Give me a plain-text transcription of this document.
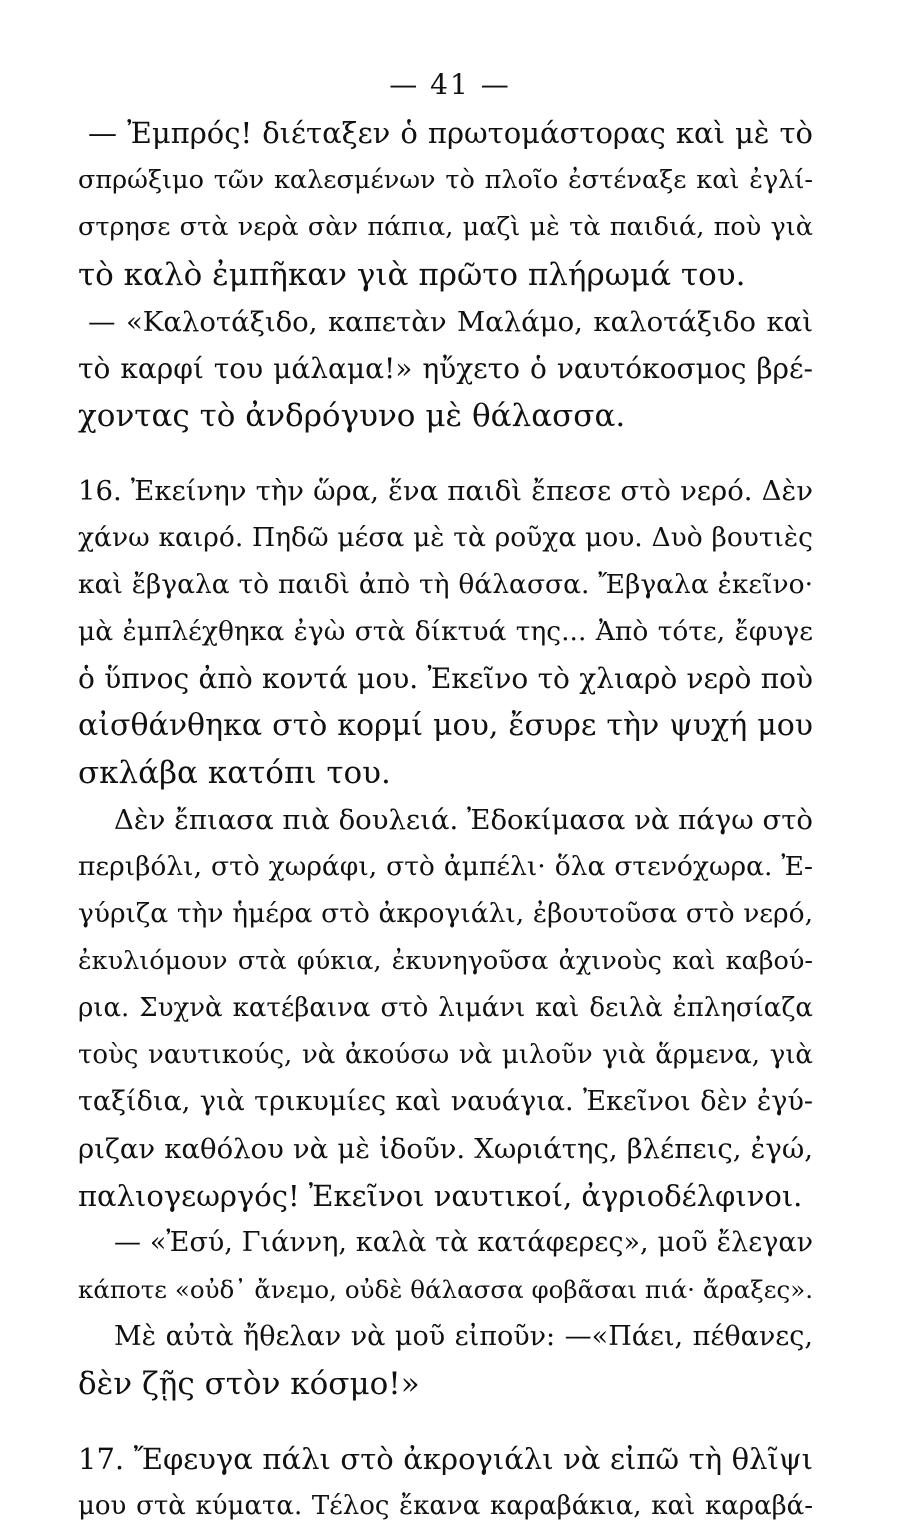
— 41 —
— Ἐμπρός! διέταξεν ὁ πρωτομάστορας καὶ μὲ τὸ
σπρώξιμο τῶν καλεσμένων τὸ πλοῖο ἐστέναξε καὶ ἐγλί-
στρησε στὰ νερὰ σὰν πάπια, μαζὶ μὲ τὰ παιδιά, ποὺ γιὰ
τὸ καλὸ ἐμπῆκαν γιὰ πρῶτο πλήρωμά του.
— «Καλοτάξιδο, καπετὰν Μαλάμο, καλοτάξιδο καὶ
τὸ καρφί του μάλαμα!» ηὔχετο ὁ ναυτόκοσμος βρέ-
χοντας τὸ ἀνδρόγυνο μὲ θάλασσα.
16. Ἐκείνην τὴν ὥρα, ἕνα παιδὶ ἔπεσε στὸ νερό. Δὲν
χάνω καιρό. Πηδῶ μέσα μὲ τὰ ροῦχα μου. Δυὸ βουτιὲς
καὶ ἔβγαλα τὸ παιδὶ ἀπὸ τὴ θάλασσα. Ἔβγαλα ἐκεῖνο·
μὰ ἐμπλέχθηκα ἐγὼ στὰ δίκτυά της... Ἀπὸ τότε, ἔφυγε
ὁ ὕπνος ἀπὸ κοντά μου. Ἐκεῖνο τὸ χλιαρὸ νερὸ ποὺ
αἰσθάνθηκα στὸ κορμί μου, ἔσυρε τὴν ψυχή μου
σκλάβα κατόπι του.
Δὲν ἔπιασα πιὰ δουλειά. Ἐδοκίμασα νὰ πάγω στὸ
περιβόλι, στὸ χωράφι, στὸ ἀμπέλι· ὅλα στενόχωρα. Ἐ-
γύριζα τὴν ἡμέρα στὸ ἀκρογιάλι, ἐβουτοῦσα στὸ νερό,
ἐκυλιόμουν στὰ φύκια, ἐκυνηγοῦσα ἀχινοὺς καὶ καβού-
ρια. Συχνὰ κατέβαινα στὸ λιμάνι καὶ δειλὰ ἐπλησίαζα
τοὺς ναυτικούς, νὰ ἀκούσω νὰ μιλοῦν γιὰ ἅρμενα, γιὰ
ταξίδια, γιὰ τρικυμίες καὶ ναυάγια. Ἐκεῖνοι δὲν ἐγύ-
ριζαν καθόλου νὰ μὲ ἰδοῦν. Χωριάτης, βλέπεις, ἐγώ,
παλιογεωργός! Ἐκεῖνοι ναυτικοί, ἀγριοδέλφινοι.
— «Ἐσύ, Γιάννη, καλὰ τὰ κατάφερες», μοῦ ἔλεγαν
κάποτε «οὐδ᾽ ἄνεμο, οὐδὲ θάλασσα φοβᾶσαι πιά· ἄραξες».
Μὲ αὐτὰ ἤθελαν νὰ μοῦ εἰποῦν: —«Πάει, πέθανες,
δὲν ζῇς στὸν κόσμο!»
17. Ἔφευγα πάλι στὸ ἀκρογιάλι νὰ εἰπῶ τὴ θλῖψι
μου στὰ κύματα. Τέλος ἔκανα καραβάκια, καὶ καραβά-
